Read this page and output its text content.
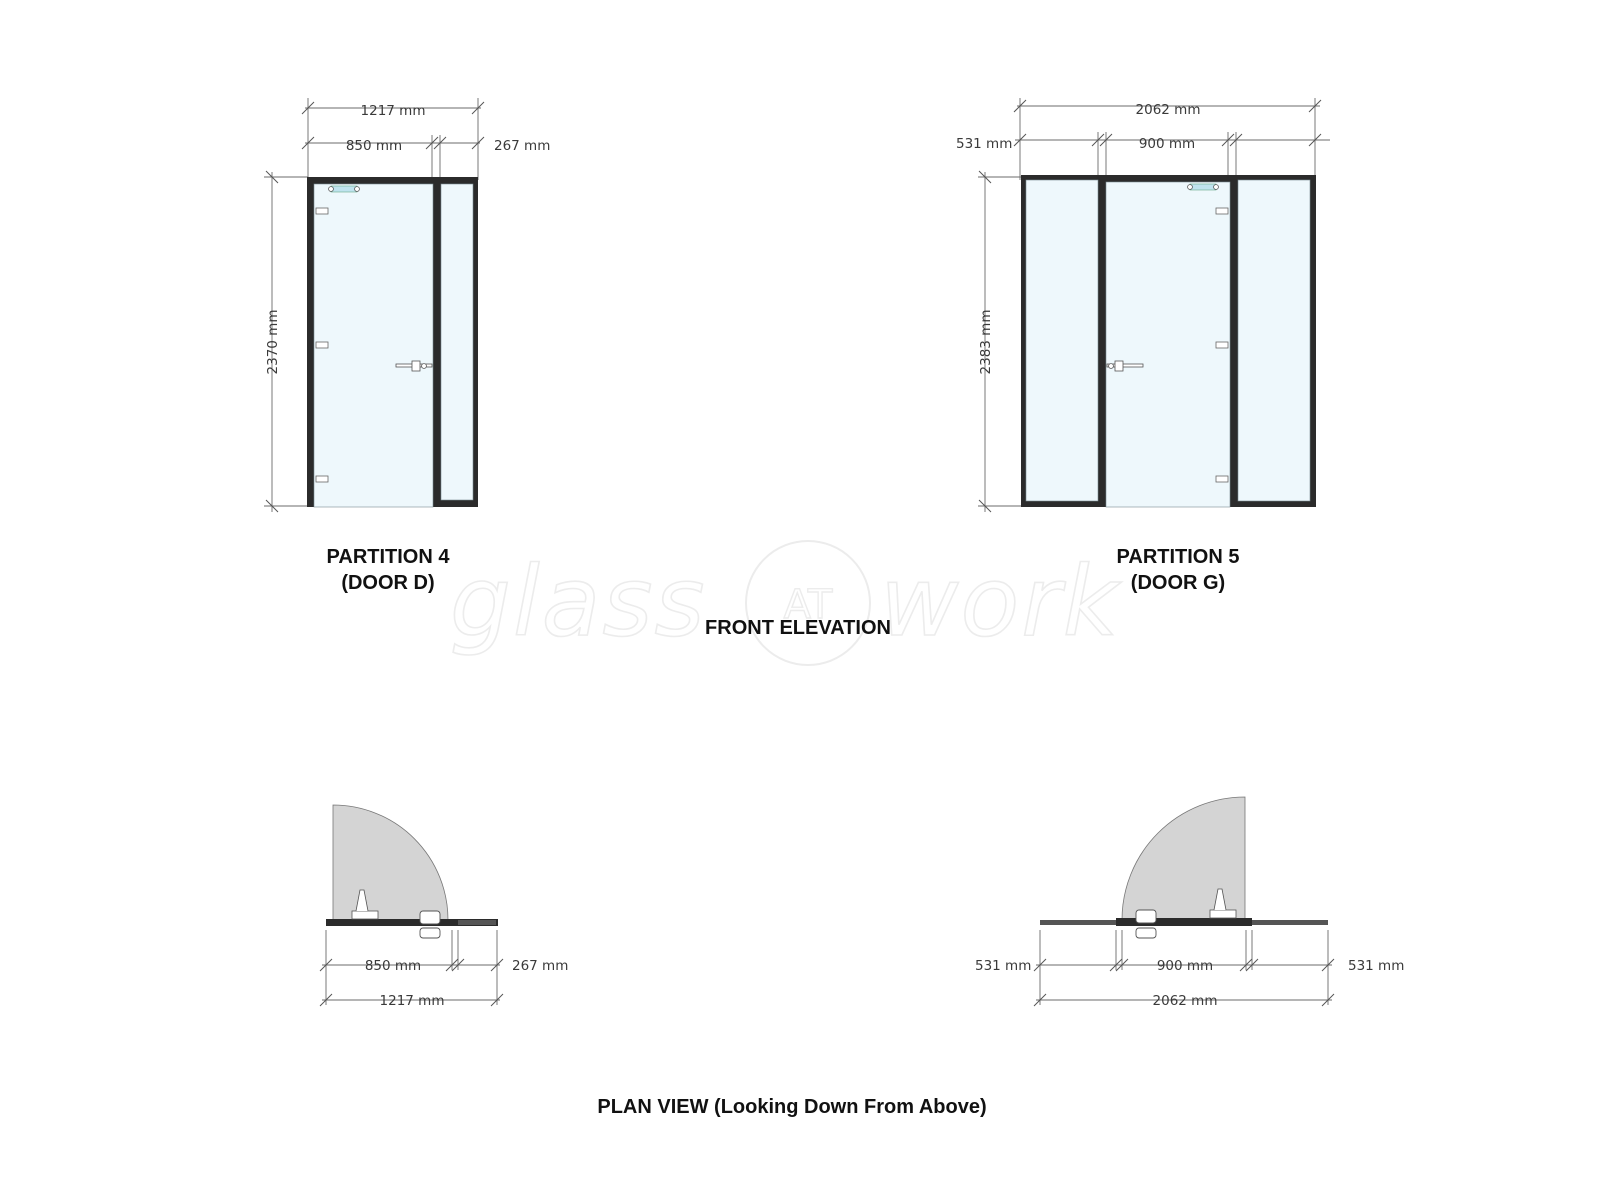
glass AT work
1217 mm
850 mm	267 mm
2370 mm
PARTITION 4
(DOOR D)
2062 mm
531 mm	900 mm
2383 mm
PARTITION 5
(DOOR G)
FRONT ELEVATION
850 mm	267 mm
1217 mm
531 mm	900 mm	531 mm
2062 mm
PLAN VIEW (Looking Down From Above)
